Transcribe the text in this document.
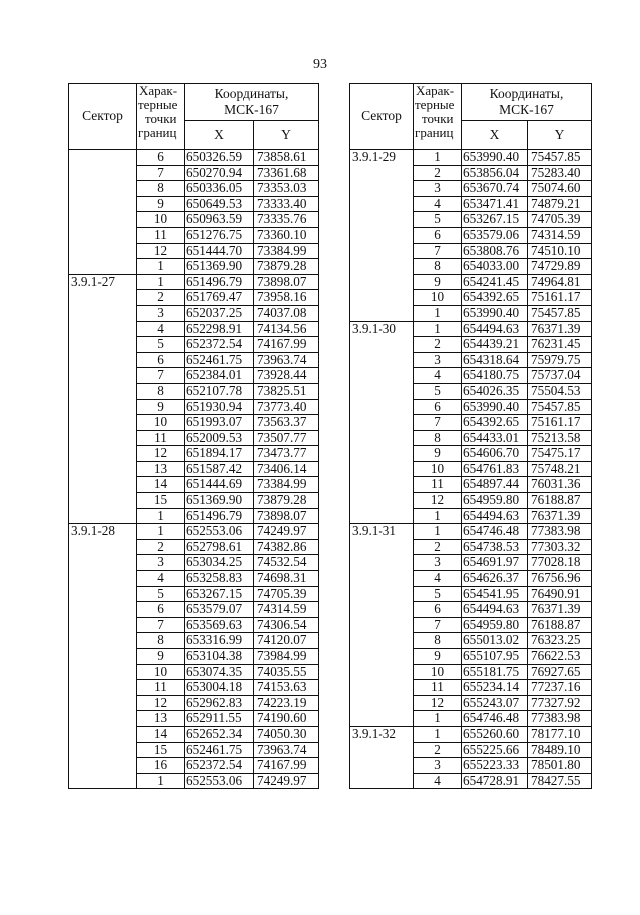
93
Сектор	Харак-
терные
точки
границ	Координаты,
МСК-167	

		X	Y
	6	650326.59	73858.61
	7	650270.94	73361.68
	8	650336.05	73353.03
	9	650649.53	73333.40
	10	650963.59	73335.76
	11	651276.75	73360.10
	12	651444.70	73384.99
	1	651369.90	73879.28
3.9.1-27	1	651496.79	73898.07
	2	651769.47	73958.16
	3	652037.25	74037.08
	4	652298.91	74134.56
	5	652372.54	74167.99
	6	652461.75	73963.74
	7	652384.01	73928.44
	8	652107.78	73825.51
	9	651930.94	73773.40
	10	651993.07	73563.37
	11	652009.53	73507.77
	12	651894.17	73473.77
	13	651587.42	73406.14
	14	651444.69	73384.99
	15	651369.90	73879.28
	1	651496.79	73898.07
3.9.1-28	1	652553.06	74249.97
	2	652798.61	74382.86
	3	653034.25	74532.54
	4	653258.83	74698.31
	5	653267.15	74705.39
	6	653579.07	74314.59
	7	653569.63	74306.54
	8	653316.99	74120.07
	9	653104.38	73984.99
	10	653074.35	74035.55
	11	653004.18	74153.63
	12	652962.83	74223.19
	13	652911.55	74190.60
	14	652652.34	74050.30
	15	652461.75	73963.74
	16	652372.54	74167.99
	1	652553.06	74249.97
Сектор	Харак-
терные
точки
границ	Координаты,
МСК-167	

		X	Y
3.9.1-29	1	653990.40	75457.85
	2	653856.04	75283.40
	3	653670.74	75074.60
	4	653471.41	74879.21
	5	653267.15	74705.39
	6	653579.06	74314.59
	7	653808.76	74510.10
	8	654033.00	74729.89
	9	654241.45	74964.81
	10	654392.65	75161.17
	1	653990.40	75457.85
3.9.1-30	1	654494.63	76371.39
	2	654439.21	76231.45
	3	654318.64	75979.75
	4	654180.75	75737.04
	5	654026.35	75504.53
	6	653990.40	75457.85
	7	654392.65	75161.17
	8	654433.01	75213.58
	9	654606.70	75475.17
	10	654761.83	75748.21
	11	654897.44	76031.36
	12	654959.80	76188.87
	1	654494.63	76371.39
3.9.1-31	1	654746.48	77383.98
	2	654738.53	77303.32
	3	654691.97	77028.18
	4	654626.37	76756.96
	5	654541.95	76490.91
	6	654494.63	76371.39
	7	654959.80	76188.87
	8	655013.02	76323.25
	9	655107.95	76622.53
	10	655181.75	76927.65
	11	655234.14	77237.16
	12	655243.07	77327.92
	1	654746.48	77383.98
3.9.1-32	1	655260.60	78177.10
	2	655225.66	78489.10
	3	655223.33	78501.80
	4	654728.91	78427.55
